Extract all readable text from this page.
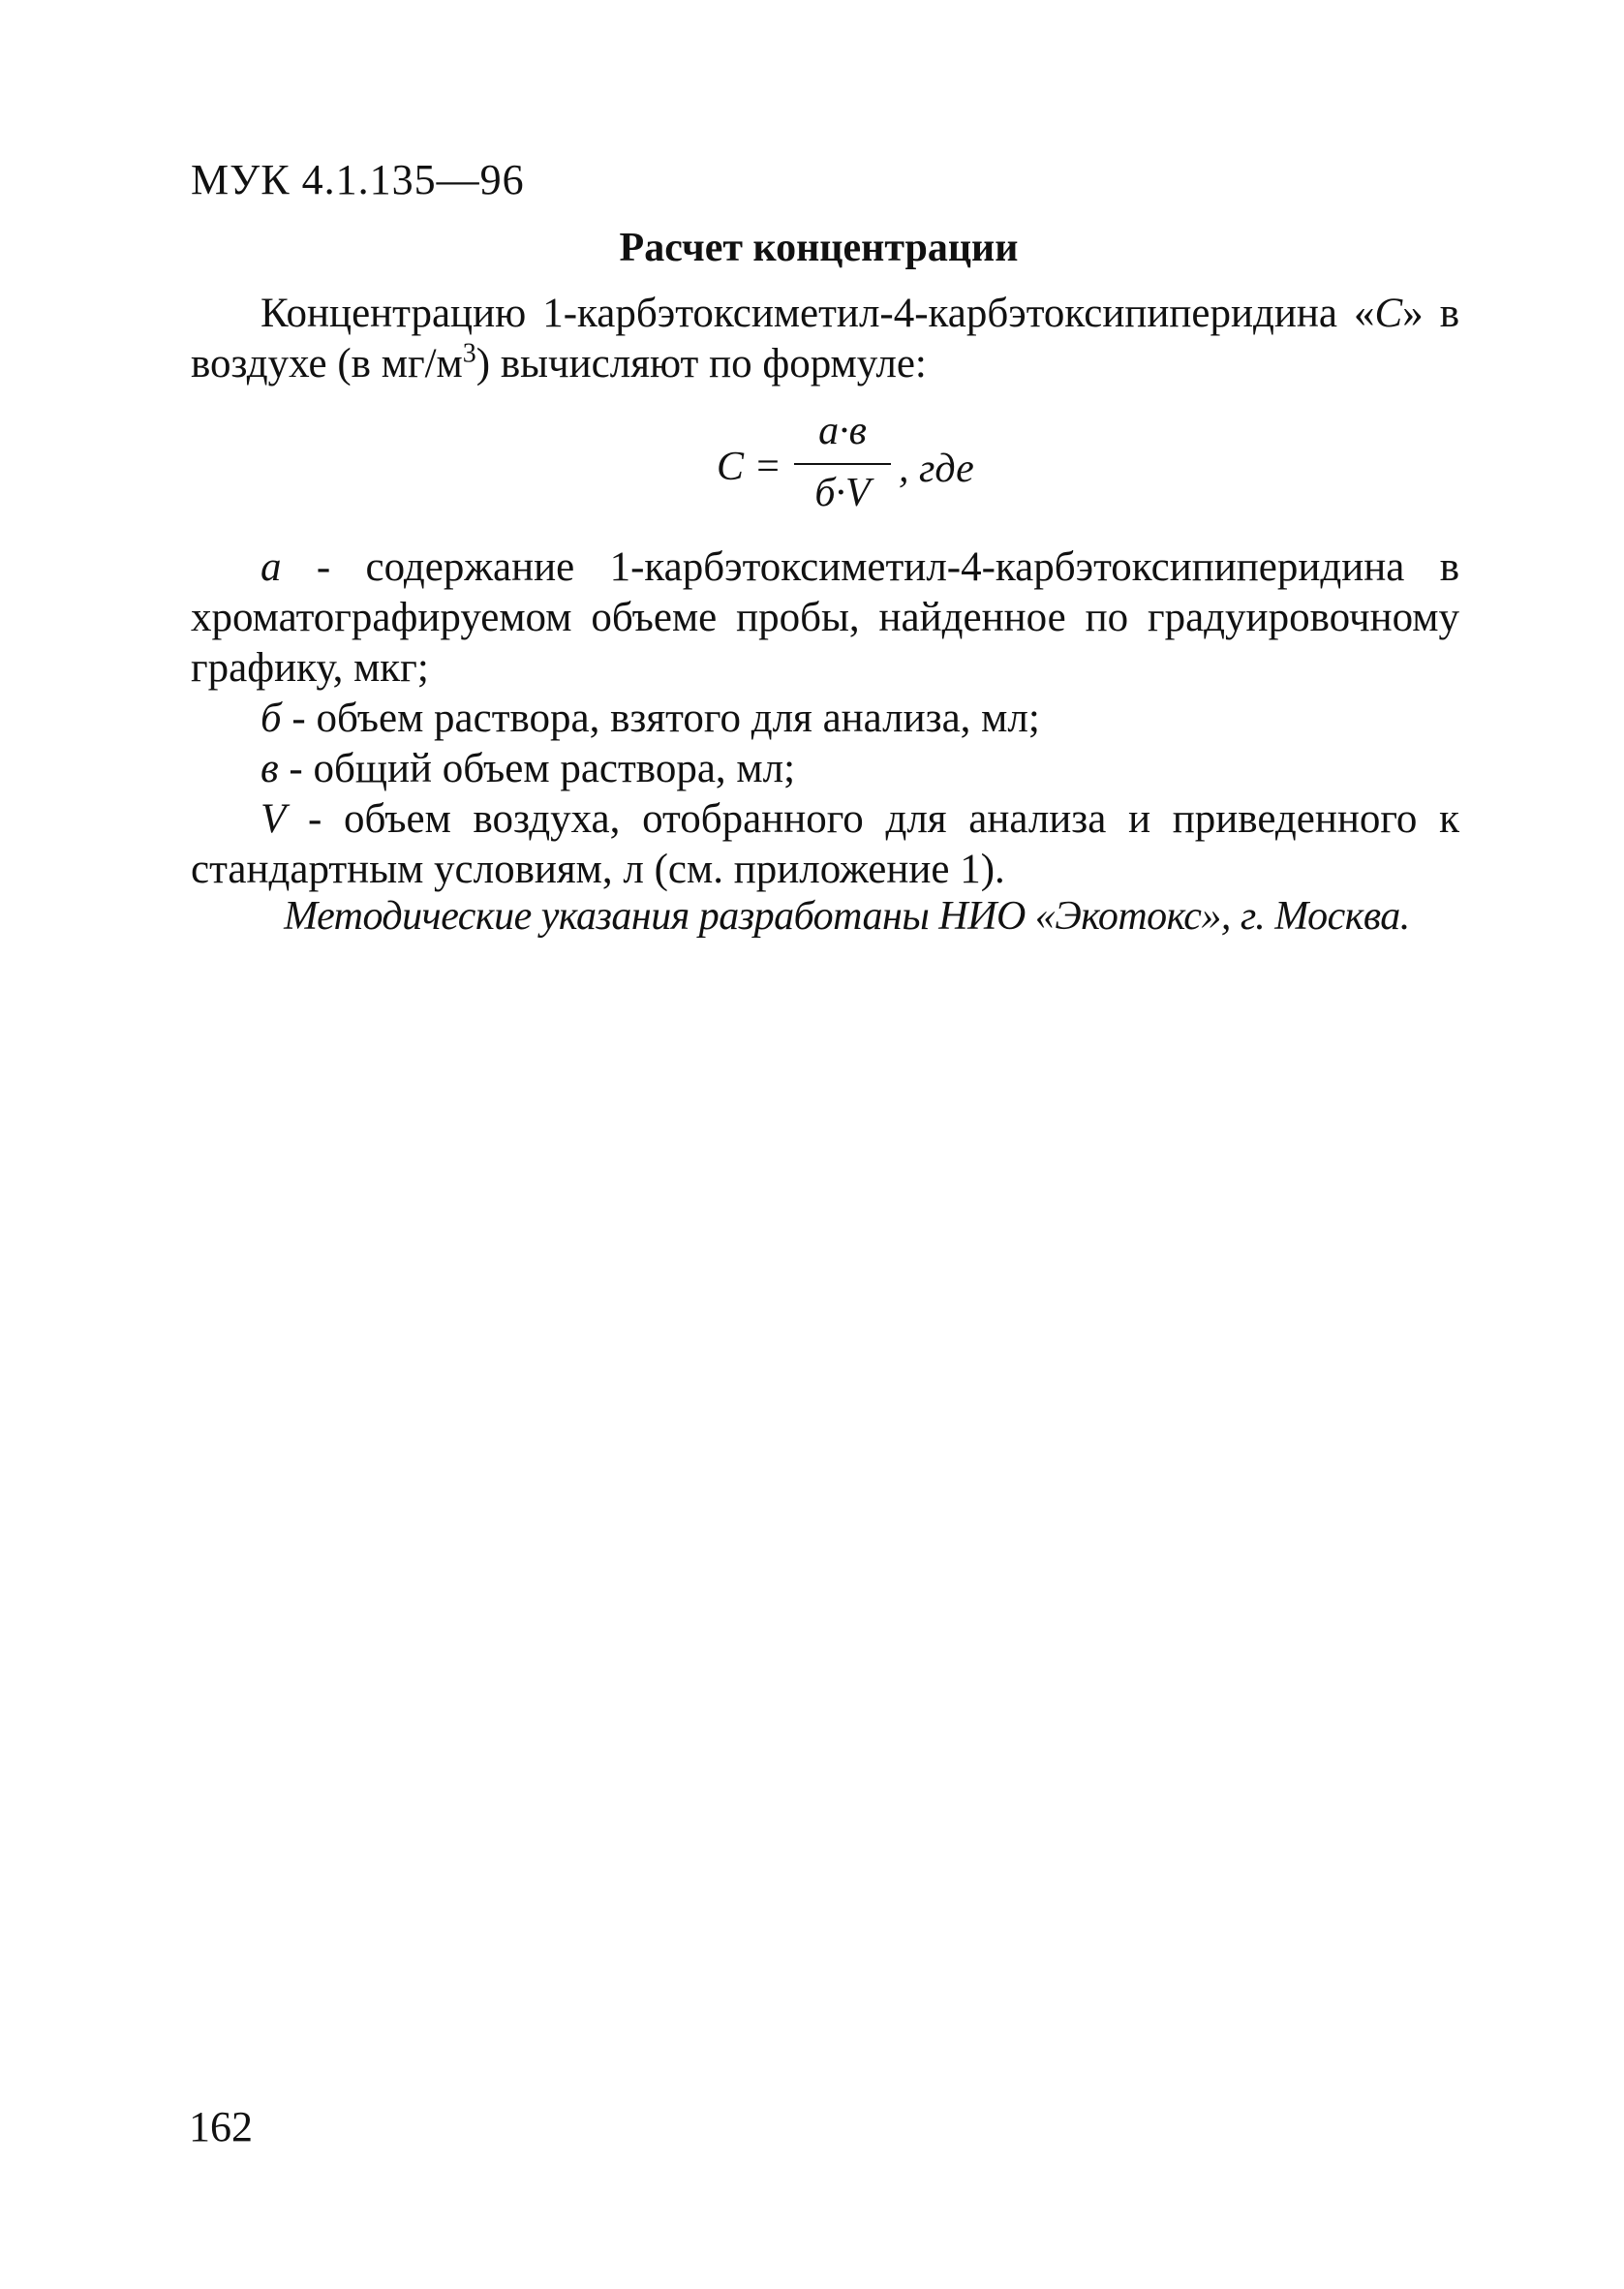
МУК 4.1.135—96
Расчет концентрации
Концентрацию 1-карбэтоксиметил-4-карбэтоксипиперидина «C» в воздухе (в $мг/м^3$) вычисляют по формуле:
C =
а·в
б·V
, где
а - содержание 1-карбэтоксиметил-4-карбэтоксипиперидина в хроматографируемом объеме пробы, найденное по градуировочному графику, мкг;
б - объем раствора, взятого для анализа, мл;
в - общий объем раствора, мл;
V - объем воздуха, отобранного для анализа и приведенного к стандартным условиям, л (см. приложение 1).
Методические указания разработаны НИО «Экотокс», г. Москва.
162
